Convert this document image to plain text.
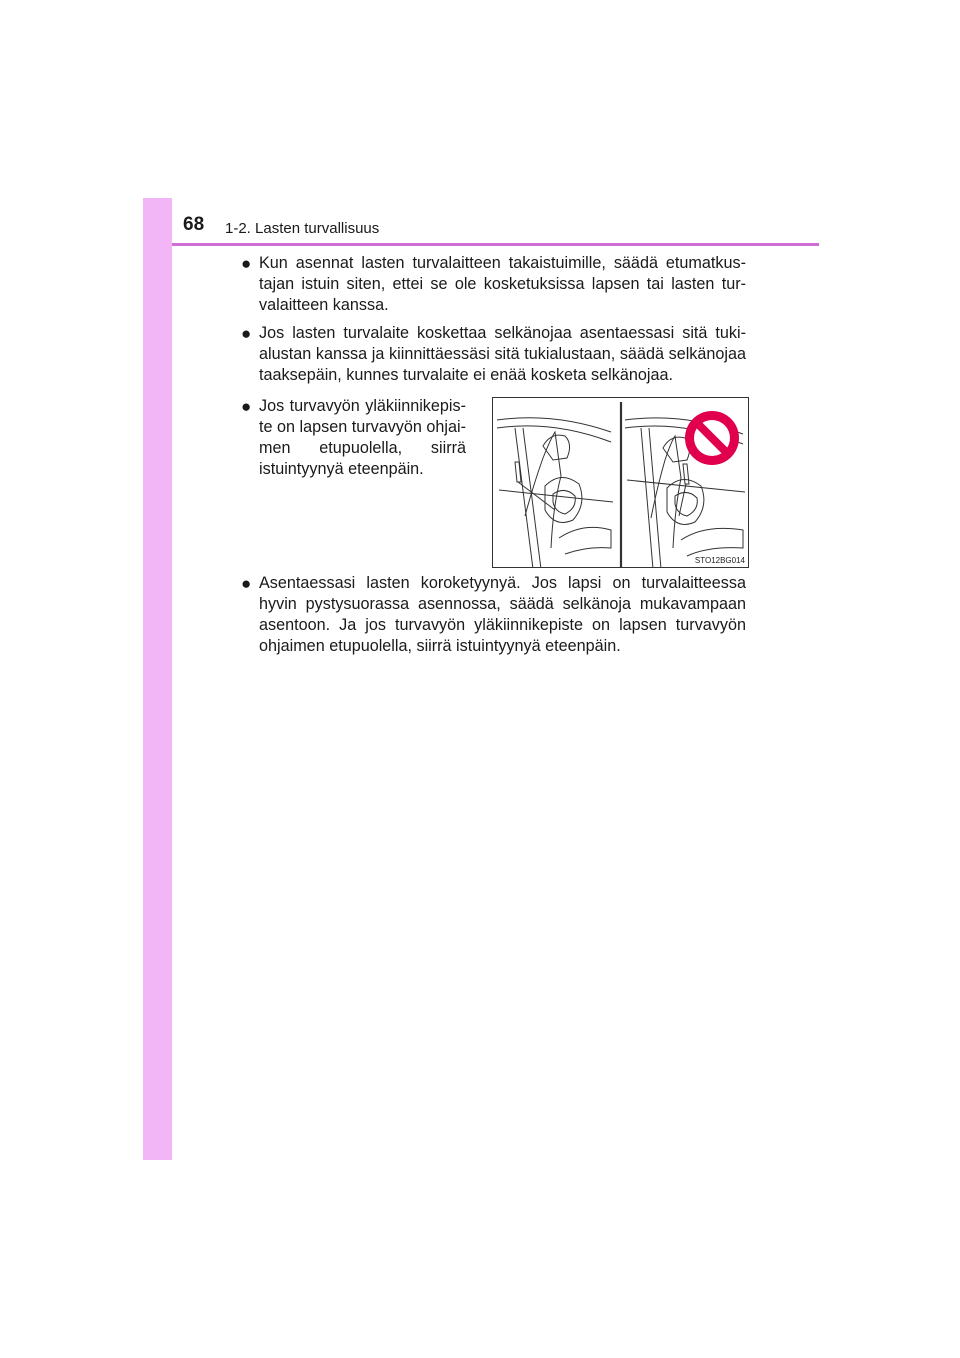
68 1-2. Lasten turvallisuus
● Kun asennat lasten turvalaitteen takaistuimille, säädä etumatkustajan istuin siten, ettei se ole kosketuksissa lapsen tai lasten turvalaitteen kanssa.
● Jos lasten turvalaite koskettaa selkänojaa asentaessasi sitä tukialustan kanssa ja kiinnittäessäsi sitä tukialustaan, säädä selkänojaa taaksepäin, kunnes turvalaite ei enää kosketa selkänojaa.
● Jos turvavyön yläkiinnikepiste on lapsen turvavyön ohjaimen etupuolella, siirrä istuintyynyä eteenpäin.
STO12BG014
● Asentaessasi lasten koroketyynyä. Jos lapsi on turvalaitteessa hyvin pystysuorassa asennossa, säädä selkänoja mukavampaan asentoon. Ja jos turvavyön yläkiinnikepiste on lapsen turvavyön ohjaimen etupuolella, siirrä istuintyynyä eteenpäin.
